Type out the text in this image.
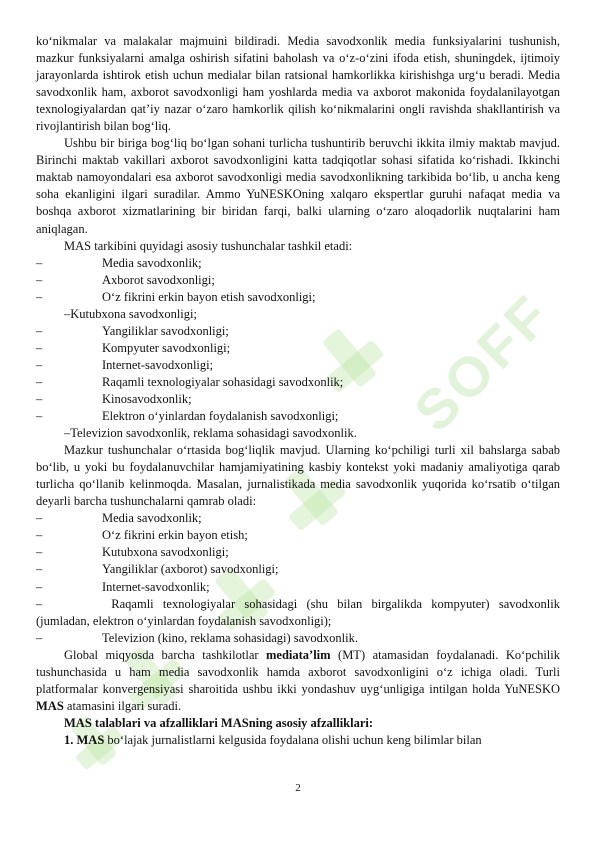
SOFF

ko‘nikmalar va malakalar majmuini bildiradi. Media savodxonlik media funksiyalarini tushunish, mazkur funksiyalarni amalga oshirish sifatini baholash va o‘z-o‘zini ifoda etish, shuningdek, ijtimoiy jarayonlarda ishtirok etish uchun medialar bilan ratsional hamkorlikka kirishishga urg‘u beradi. Media savodxonlik ham, axborot savodxonligi ham yoshlarda media va axborot makonida foydalanilayotgan texnologiyalardan qat’iy nazar o‘zaro hamkorlik qilish ko‘nikmalarini ongli ravishda shakllantirish va rivojlantirish bilan bog‘liq.

Ushbu bir biriga bog‘liq bo‘lgan sohani turlicha tushuntirib beruvchi ikkita ilmiy maktab mavjud. Birinchi maktab vakillari axborot savodxonligini katta tadqiqotlar sohasi sifatida ko‘rishadi. Ikkinchi maktab namoyondalari esa axborot savodxonligi media savodxonlikning tarkibida bo‘lib, u ancha keng soha ekanligini ilgari suradilar. Ammo YuNESKOning xalqaro ekspertlar guruhi nafaqat media va boshqa axborot xizmatlarining bir biridan farqi, balki ularning o‘zaro aloqadorlik nuqtalarini ham aniqlagan.

MAS tarkibini quyidagi asosiy tushunchalar tashkil etadi:

–	Media savodxonlik;
–	Axborot savodxonligi;
–	O‘z fikrini erkin bayon etish savodxonligi;

–Kutubxona savodxonligi;

–	Yangiliklar savodxonligi;
–	Kompyuter savodxonligi;
–	Internet-savodxonligi;
–	Raqamli texnologiyalar sohasidagi savodxonlik;
–	Kinosavodxonlik;
–	Elektron o‘yinlardan foydalanish savodxonligi;

–Televizion savodxonlik, reklama sohasidagi savodxonlik.

Mazkur tushunchalar o‘rtasida bog‘liqlik mavjud. Ularning ko‘pchiligi turli xil bahslarga sabab bo‘lib, u yoki bu foydalanuvchilar hamjamiyatining kasbiy kontekst yoki madaniy amaliyotiga qarab turlicha qo‘llanib kelinmoqda. Masalan, jurnalistikada media savodxonlik yuqorida ko‘rsatib o‘tilgan deyarli barcha tushunchalarni qamrab oladi:

–	Media savodxonlik;
–	O‘z fikrini erkin bayon etish;
–	Kutubxona savodxonligi;
–	Yangiliklar (axborot) savodxonligi;
–	Internet-savodxonlik;
–	Raqamli texnologiyalar sohasidagi (shu bilan birgalikda kompyuter) savodxonlik (jumladan, elektron o‘yinlardan foydalanish savodxonligi);
–	Televizion (kino, reklama sohasidagi) savodxonlik.

Global miqyosda barcha tashkilotlar mediata’lim (MT) atamasidan foydalanadi. Ko‘pchilik tushunchasida u ham media savodxonlik hamda axborot savodxonligini o‘z ichiga oladi. Turli platformalar konvergensiyasi sharoitida ushbu ikki yondashuv uyg‘unligiga intilgan holda YuNESKO MAS atamasini ilgari suradi.

MAS talablari va afzalliklari MASning asosiy afzalliklari:

1. MAS bo‘lajak jurnalistlarni kelgusida foydalana olishi uchun keng bilimlar bilan

2
